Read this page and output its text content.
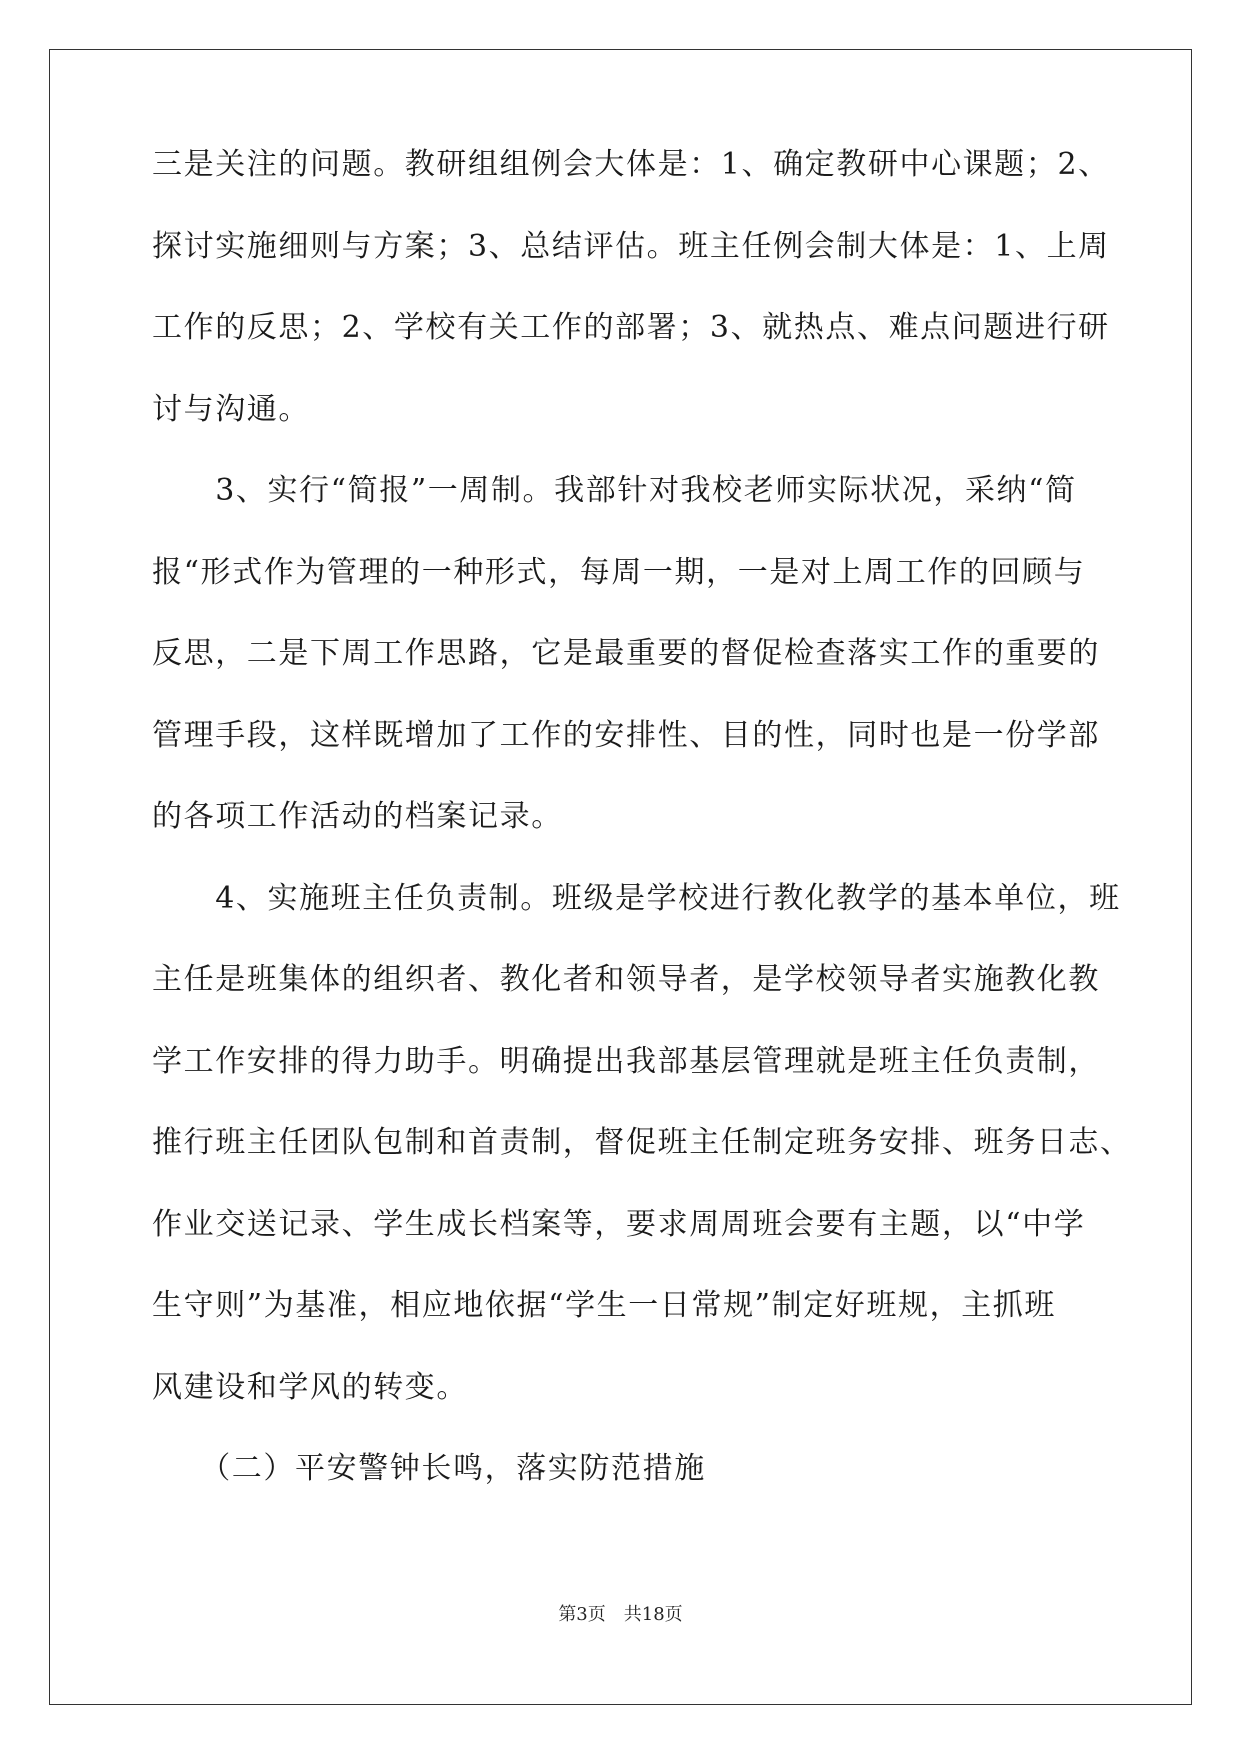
三是关注的问题。教研组组例会大体是：1、确定教研中心课题；2、
探讨实施细则与方案；3、总结评估。班主任例会制大体是：1、上周
工作的反思；2、学校有关工作的部署；3、就热点、难点问题进行研
讨与沟通。
　　3、实行“简报”一周制。我部针对我校老师实际状况，采纳“简
报“形式作为管理的一种形式，每周一期，一是对上周工作的回顾与
反思，二是下周工作思路，它是最重要的督促检查落实工作的重要的
管理手段，这样既增加了工作的安排性、目的性，同时也是一份学部
的各项工作活动的档案记录。
　　4、实施班主任负责制。班级是学校进行教化教学的基本单位，班
主任是班集体的组织者、教化者和领导者，是学校领导者实施教化教
学工作安排的得力助手。明确提出我部基层管理就是班主任负责制，
推行班主任团队包制和首责制，督促班主任制定班务安排、班务日志、
作业交送记录、学生成长档案等，要求周周班会要有主题，以“中学
生守则”为基准，相应地依据“学生一日常规”制定好班规，主抓班
风建设和学风的转变。
　　（二）平安警钟长鸣，落实防范措施
第3页　共18页
